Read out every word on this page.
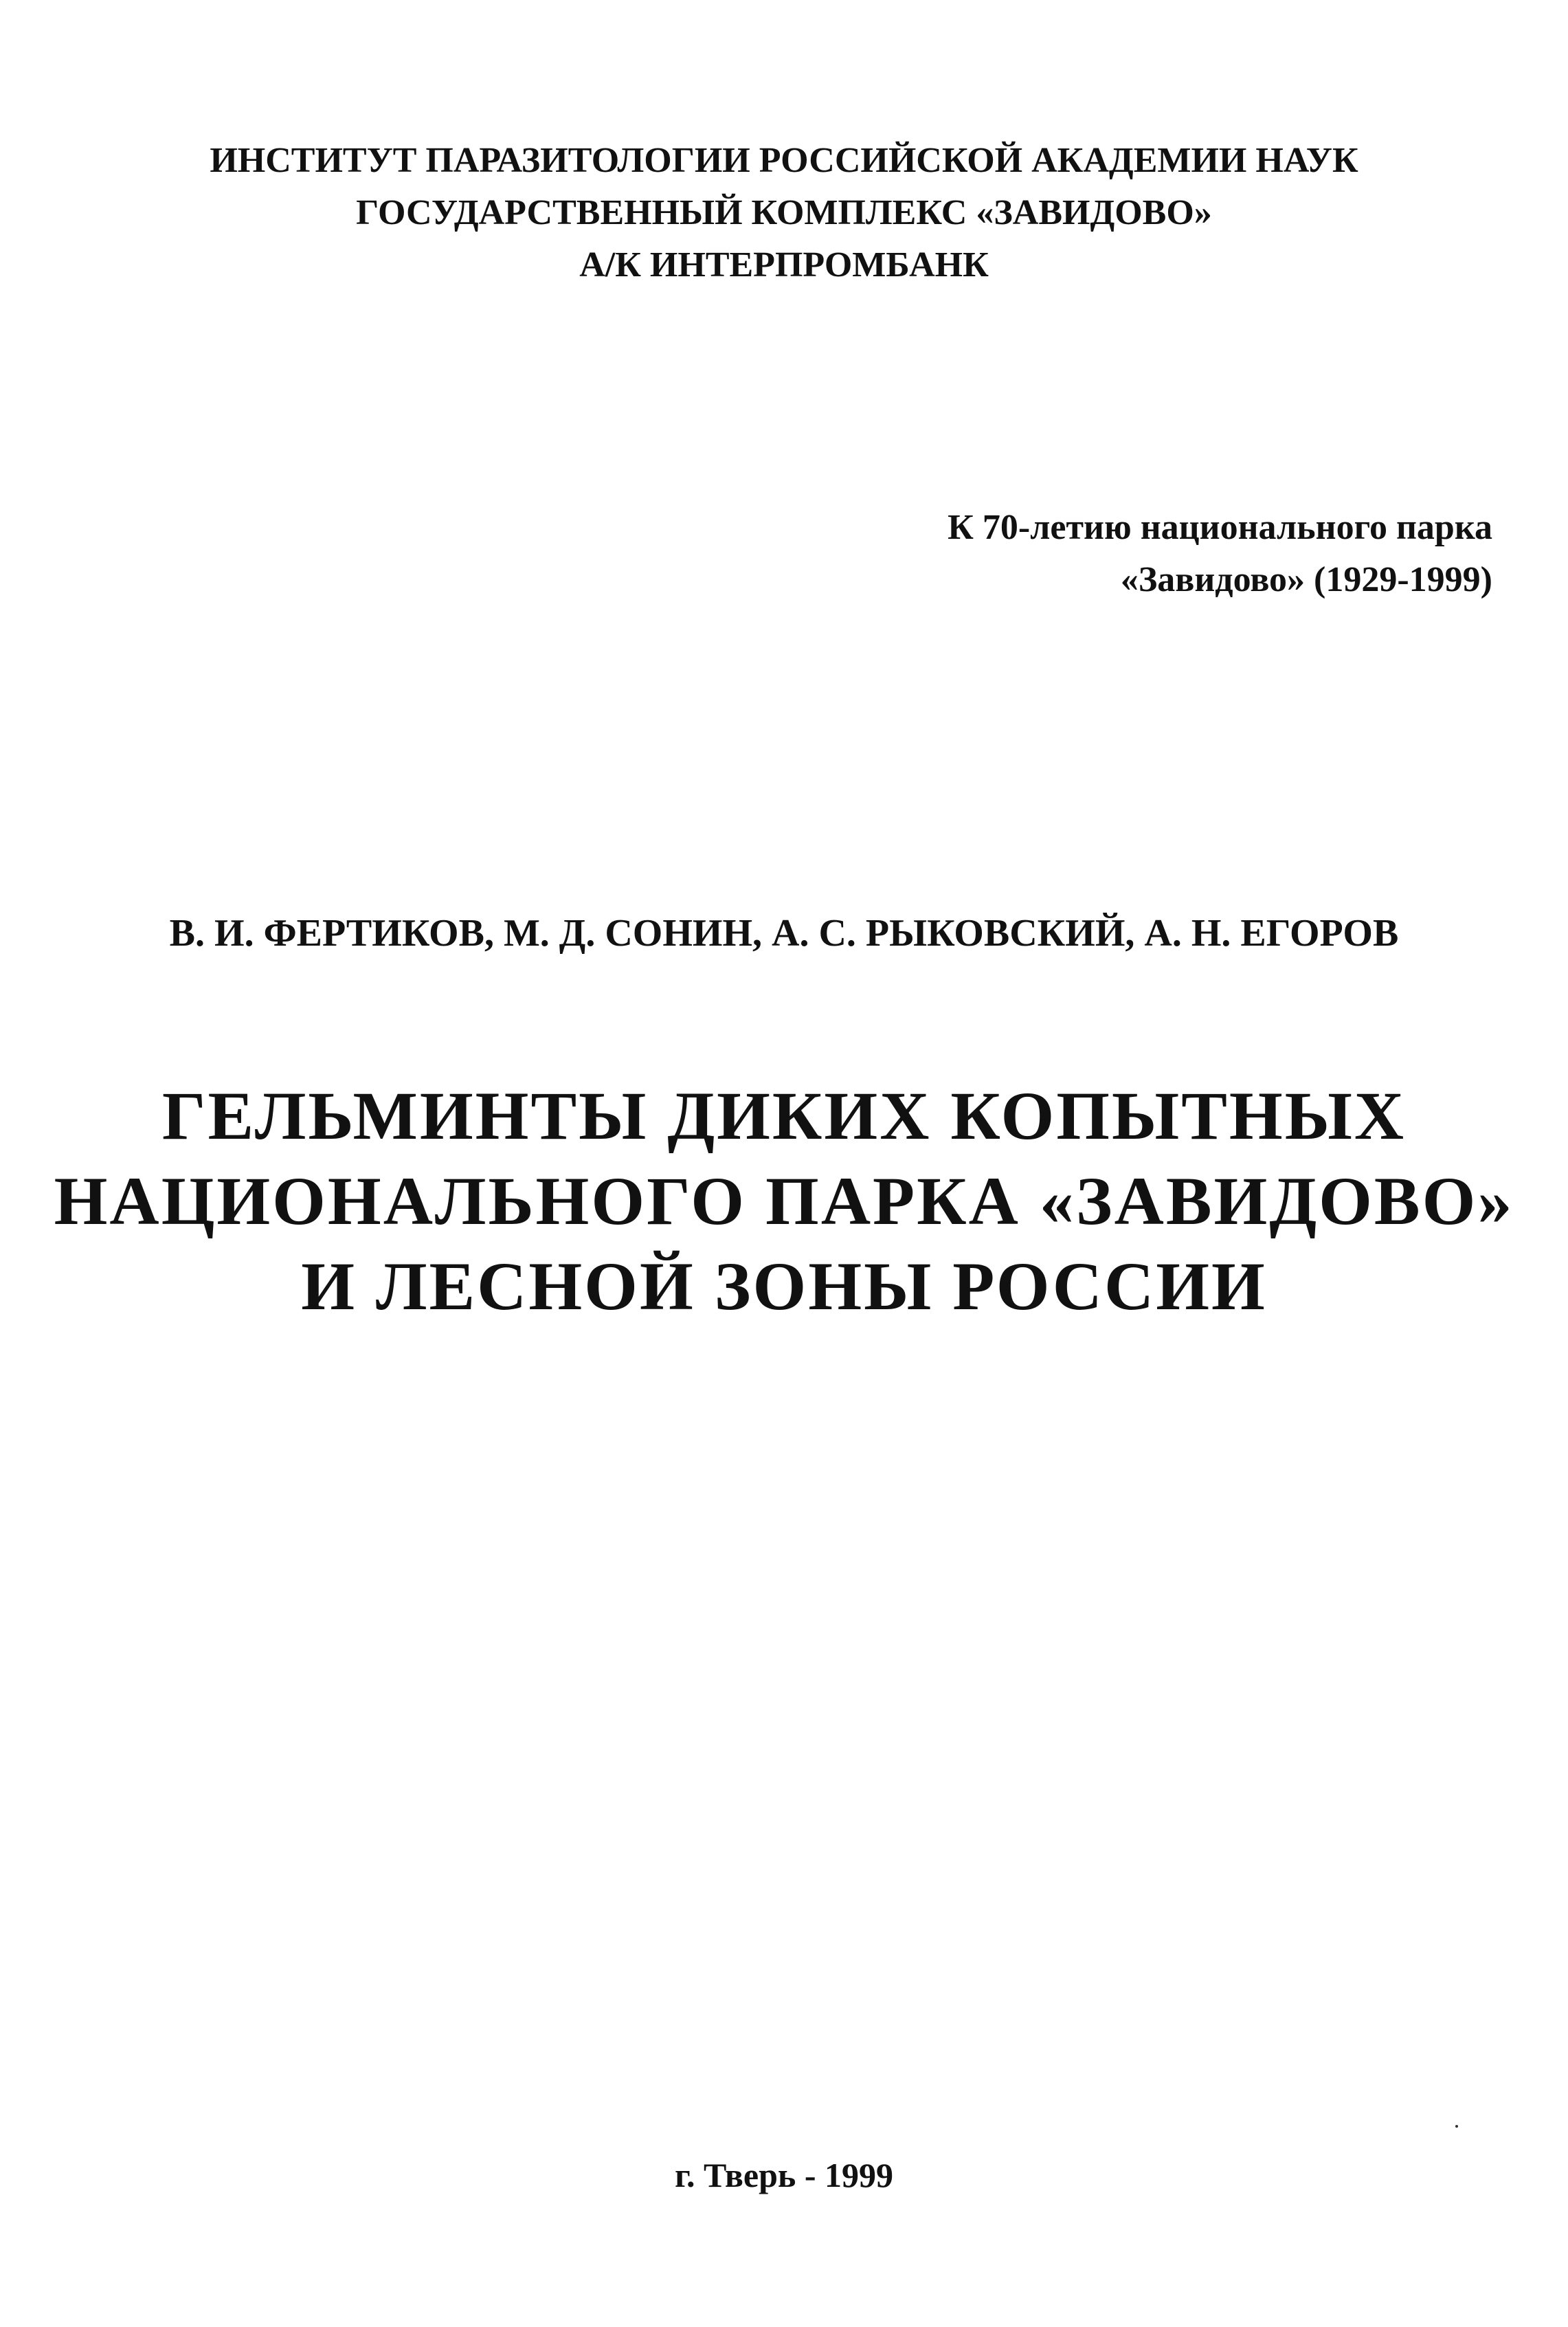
ИНСТИТУТ ПАРАЗИТОЛОГИИ РОССИЙСКОЙ АКАДЕМИИ НАУК
ГОСУДАРСТВЕННЫЙ КОМПЛЕКС «ЗАВИДОВО»
А/К ИНТЕРПРОМБАНК
К 70-летию национального парка
«Завидово» (1929-1999)
В. И. ФЕРТИКОВ, М. Д. СОНИН, А. С. РЫКОВСКИЙ, А. Н. ЕГОРОВ
ГЕЛЬМИНТЫ ДИКИХ КОПЫТНЫХ
НАЦИОНАЛЬНОГО ПАРКА «ЗАВИДОВО»
И ЛЕСНОЙ ЗОНЫ РОССИИ
г. Тверь - 1999
